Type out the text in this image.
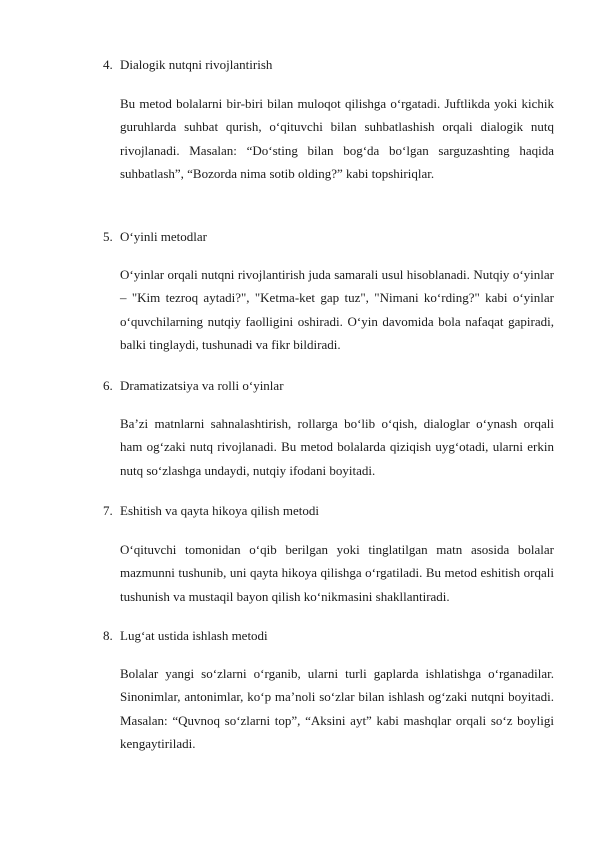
4. Dialogik nutqni rivojlantirish
Bu metod bolalarni bir-biri bilan muloqot qilishga o‘rgatadi. Juftlikda yoki kichik guruhlarda suhbat qurish, o‘qituvchi bilan suhbatlashish orqali dialogik nutq rivojlanadi. Masalan: “Do‘sting bilan bog‘da bo‘lgan sarguzashting haqida suhbatlash”, “Bozorda nima sotib olding?” kabi topshiriqlar.
5. O‘yinli metodlar
O‘yinlar orqali nutqni rivojlantirish juda samarali usul hisoblanadi. Nutqiy o‘yinlar – "Kim tezroq aytadi?", "Ketma-ket gap tuz", "Nimani ko‘rding?" kabi o‘yinlar o‘quvchilarning nutqiy faolligini oshiradi. O‘yin davomida bola nafaqat gapiradi, balki tinglaydi, tushunadi va fikr bildiradi.
6. Dramatizatsiya va rolli o‘yinlar
Ba’zi matnlarni sahnalashtirish, rollarga bo‘lib o‘qish, dialoglar o‘ynash orqali ham og‘zaki nutq rivojlanadi. Bu metod bolalarda qiziqish uyg‘otadi, ularni erkin nutq so‘zlashga undaydi, nutqiy ifodani boyitadi.
7. Eshitish va qayta hikoya qilish metodi
O‘qituvchi tomonidan o‘qib berilgan yoki tinglatilgan matn asosida bolalar mazmunni tushunib, uni qayta hikoya qilishga o‘rgatiladi. Bu metod eshitish orqali tushunish va mustaqil bayon qilish ko‘nikmasini shakllantiradi.
8. Lug‘at ustida ishlash metodi
Bolalar yangi so‘zlarni o‘rganib, ularni turli gaplarda ishlatishga o‘rganadilar. Sinonimlar, antonimlar, ko‘p ma’noli so‘zlar bilan ishlash og‘zaki nutqni boyitadi. Masalan: “Quvnoq so‘zlarni top”, “Aksini ayt” kabi mashqlar orqali so‘z boyligi kengaytiriladi.
